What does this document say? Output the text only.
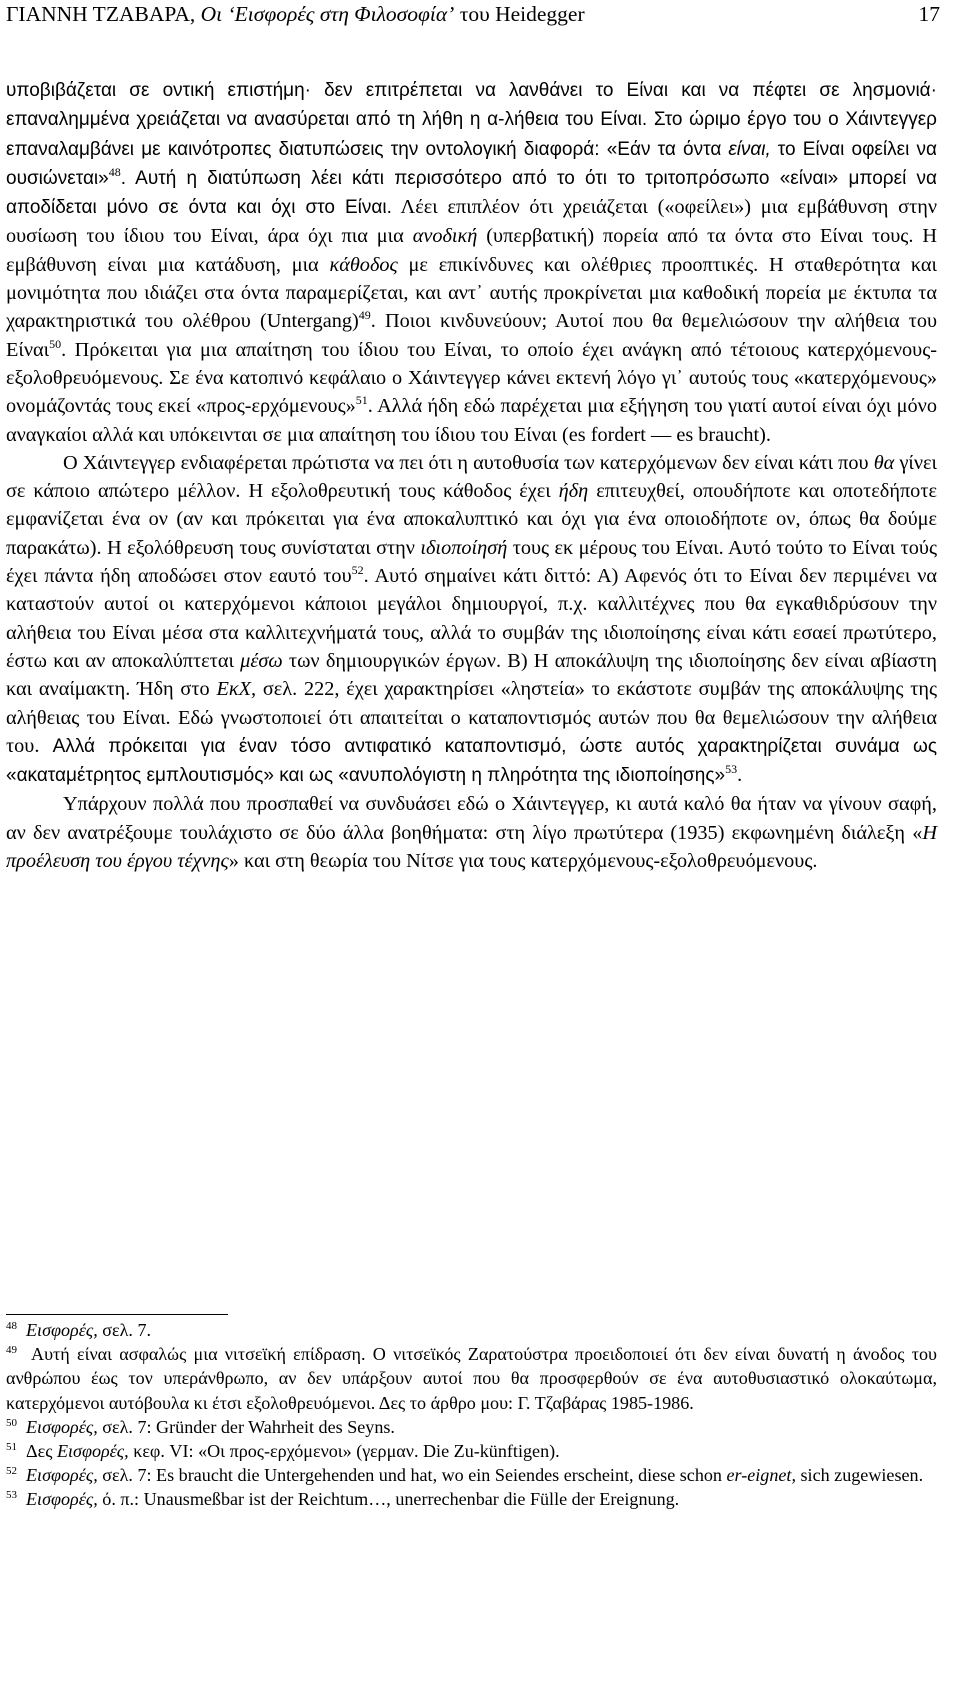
ΓΙΑΝΝΗ ΤΖΑΒΑΡΑ, Οι ‘Εισφορές στη Φιλοσοφία’ του Heidegger	17

υποβιβάζεται σε οντική επιστήμη· δεν επιτρέπεται να λανθάνει το Είναι και να πέφτει σε λησμονιά· επαναλημμένα χρειάζεται να ανασύρεται από τη λήθη η α-λήθεια του Είναι. Στο ώριμο έργο του ο Χάιντεγγερ επαναλαμβάνει με καινότροπες διατυπώσεις την οντολογική διαφορά: «Εάν τα όντα είναι, το Είναι οφείλει να ουσιώνεται»$^{48}$. Αυτή η διατύπωση λέει κάτι περισσότερο από το ότι το τριτοπρόσωπο «είναι» μπορεί να αποδίδεται μόνο σε όντα και όχι στο Είναι. Λέει επιπλέον ότι χρειάζεται («οφείλει») μια εμβάθυνση στην ουσίωση του ίδιου του Είναι, άρα όχι πια μια ανοδική (υπερβατική) πορεία από τα όντα στο Είναι τους. Η εμβάθυνση είναι μια κατάδυση, μια κάθοδος με επικίνδυνες και ολέθριες προοπτικές. Η σταθερότητα και μονιμότητα που ιδιάζει στα όντα παραμερίζεται, και αντ᾽ αυτής προκρίνεται μια καθοδική πορεία με έκτυπα τα χαρακτηριστικά του ολέθρου (Untergang)$^{49}$. Ποιοι κινδυνεύουν; Αυτοί που θα θεμελιώσουν την αλήθεια του Είναι$^{50}$. Πρόκειται για μια απαίτηση του ίδιου του Είναι, το οποίο έχει ανάγκη από τέτοιους κατερχόμενους-εξολοθρευόμενους. Σε ένα κατοπινό κεφάλαιο ο Χάιντεγγερ κάνει εκτενή λόγο γι᾽ αυτούς τους «κατερχόμενους» ονομάζοντάς τους εκεί «προς-ερχόμενους»$^{51}$. Αλλά ήδη εδώ παρέχεται μια εξήγηση του γιατί αυτοί είναι όχι μόνο αναγκαίοι αλλά και υπόκεινται σε μια απαίτηση του ίδιου του Είναι (es fordert — es braucht).

Ο Χάιντεγγερ ενδιαφέρεται πρώτιστα να πει ότι η αυτοθυσία των κατερχόμενων δεν είναι κάτι που θα γίνει σε κάποιο απώτερο μέλλον. Η εξολοθρευτική τους κάθοδος έχει ήδη επιτευχθεί, οπουδήποτε και οποτεδήποτε εμφανίζεται ένα ον (αν και πρόκειται για ένα αποκαλυπτικό και όχι για ένα οποιοδήποτε ον, όπως θα δούμε παρακάτω). Η εξολόθρευση τους συνίσταται στην ιδιοποίησή τους εκ μέρους του Είναι. Αυτό τούτο το Είναι τούς έχει πάντα ήδη αποδώσει στον εαυτό του$^{52}$. Αυτό σημαίνει κάτι διττό: Α) Αφενός ότι το Είναι δεν περιμένει να καταστούν αυτοί οι κατερχόμενοι κάποιοι μεγάλοι δημιουργοί, π.χ. καλλιτέχνες που θα εγκαθιδρύσουν την αλήθεια του Είναι μέσα στα καλλιτεχνήματά τους, αλλά το συμβάν της ιδιοποίησης είναι κάτι εσαεί πρωτύτερο, έστω και αν αποκαλύπτεται μέσω των δημιουργικών έργων. Β) Η αποκάλυψη της ιδιοποίησης δεν είναι αβίαστη και αναίμακτη. Ήδη στο ΕκΧ, σελ. 222, έχει χαρακτηρίσει «ληστεία» το εκάστοτε συμβάν της αποκάλυψης της αλήθειας του Είναι. Εδώ γνωστοποιεί ότι απαιτείται ο καταποντισμός αυτών που θα θεμελιώσουν την αλήθεια του. Αλλά πρόκειται για έναν τόσο αντιφατικό καταποντισμό, ώστε αυτός χαρακτηρίζεται συνάμα ως «ακαταμέτρητος εμπλουτισμός» και ως «ανυπολόγιστη η πληρότητα της ιδιοποίησης»$^{53}$.

Υπάρχουν πολλά που προσπαθεί να συνδυάσει εδώ ο Χάιντεγγερ, κι αυτά καλό θα ήταν να γίνουν σαφή, αν δεν ανατρέξουμε τουλάχιστο σε δύο άλλα βοηθήματα: στη λίγο πρωτύτερα (1935) εκφωνημένη διάλεξη «Η προέλευση του έργου τέχνης» και στη θεωρία του Νίτσε για τους κατερχόμενους-εξολοθρευόμενους.

$^{48}$ Εισφορές, σελ. 7.

$^{49}$ Αυτή είναι ασφαλώς μια νιτσεϊκή επίδραση. Ο νιτσεϊκός Ζαρατούστρα προειδοποιεί ότι δεν είναι δυνατή η άνοδος του ανθρώπου έως τον υπεράνθρωπο, αν δεν υπάρξουν αυτοί που θα προσφερθούν σε ένα αυτοθυσιαστικό ολοκαύτωμα, κατερχόμενοι αυτόβουλα κι έτσι εξολοθρευόμενοι. Δες το άρθρο μου: Γ. Τζαβάρας 1985-1986.

$^{50}$ Εισφορές, σελ. 7: Gründer der Wahrheit des Seyns.

$^{51}$ Δες Εισφορές, κεφ. VI: «Οι προς-ερχόμενοι» (γερμαν. Die Zu-künftigen).

$^{52}$ Εισφορές, σελ. 7: Es braucht die Untergehenden und hat, wo ein Seiendes erscheint, diese schon er-eignet, sich zugewiesen.

$^{53}$ Εισφορές, ό. π.: Unausmeßbar ist der Reichtum…, unerrechenbar die Fülle der Ereignung.
